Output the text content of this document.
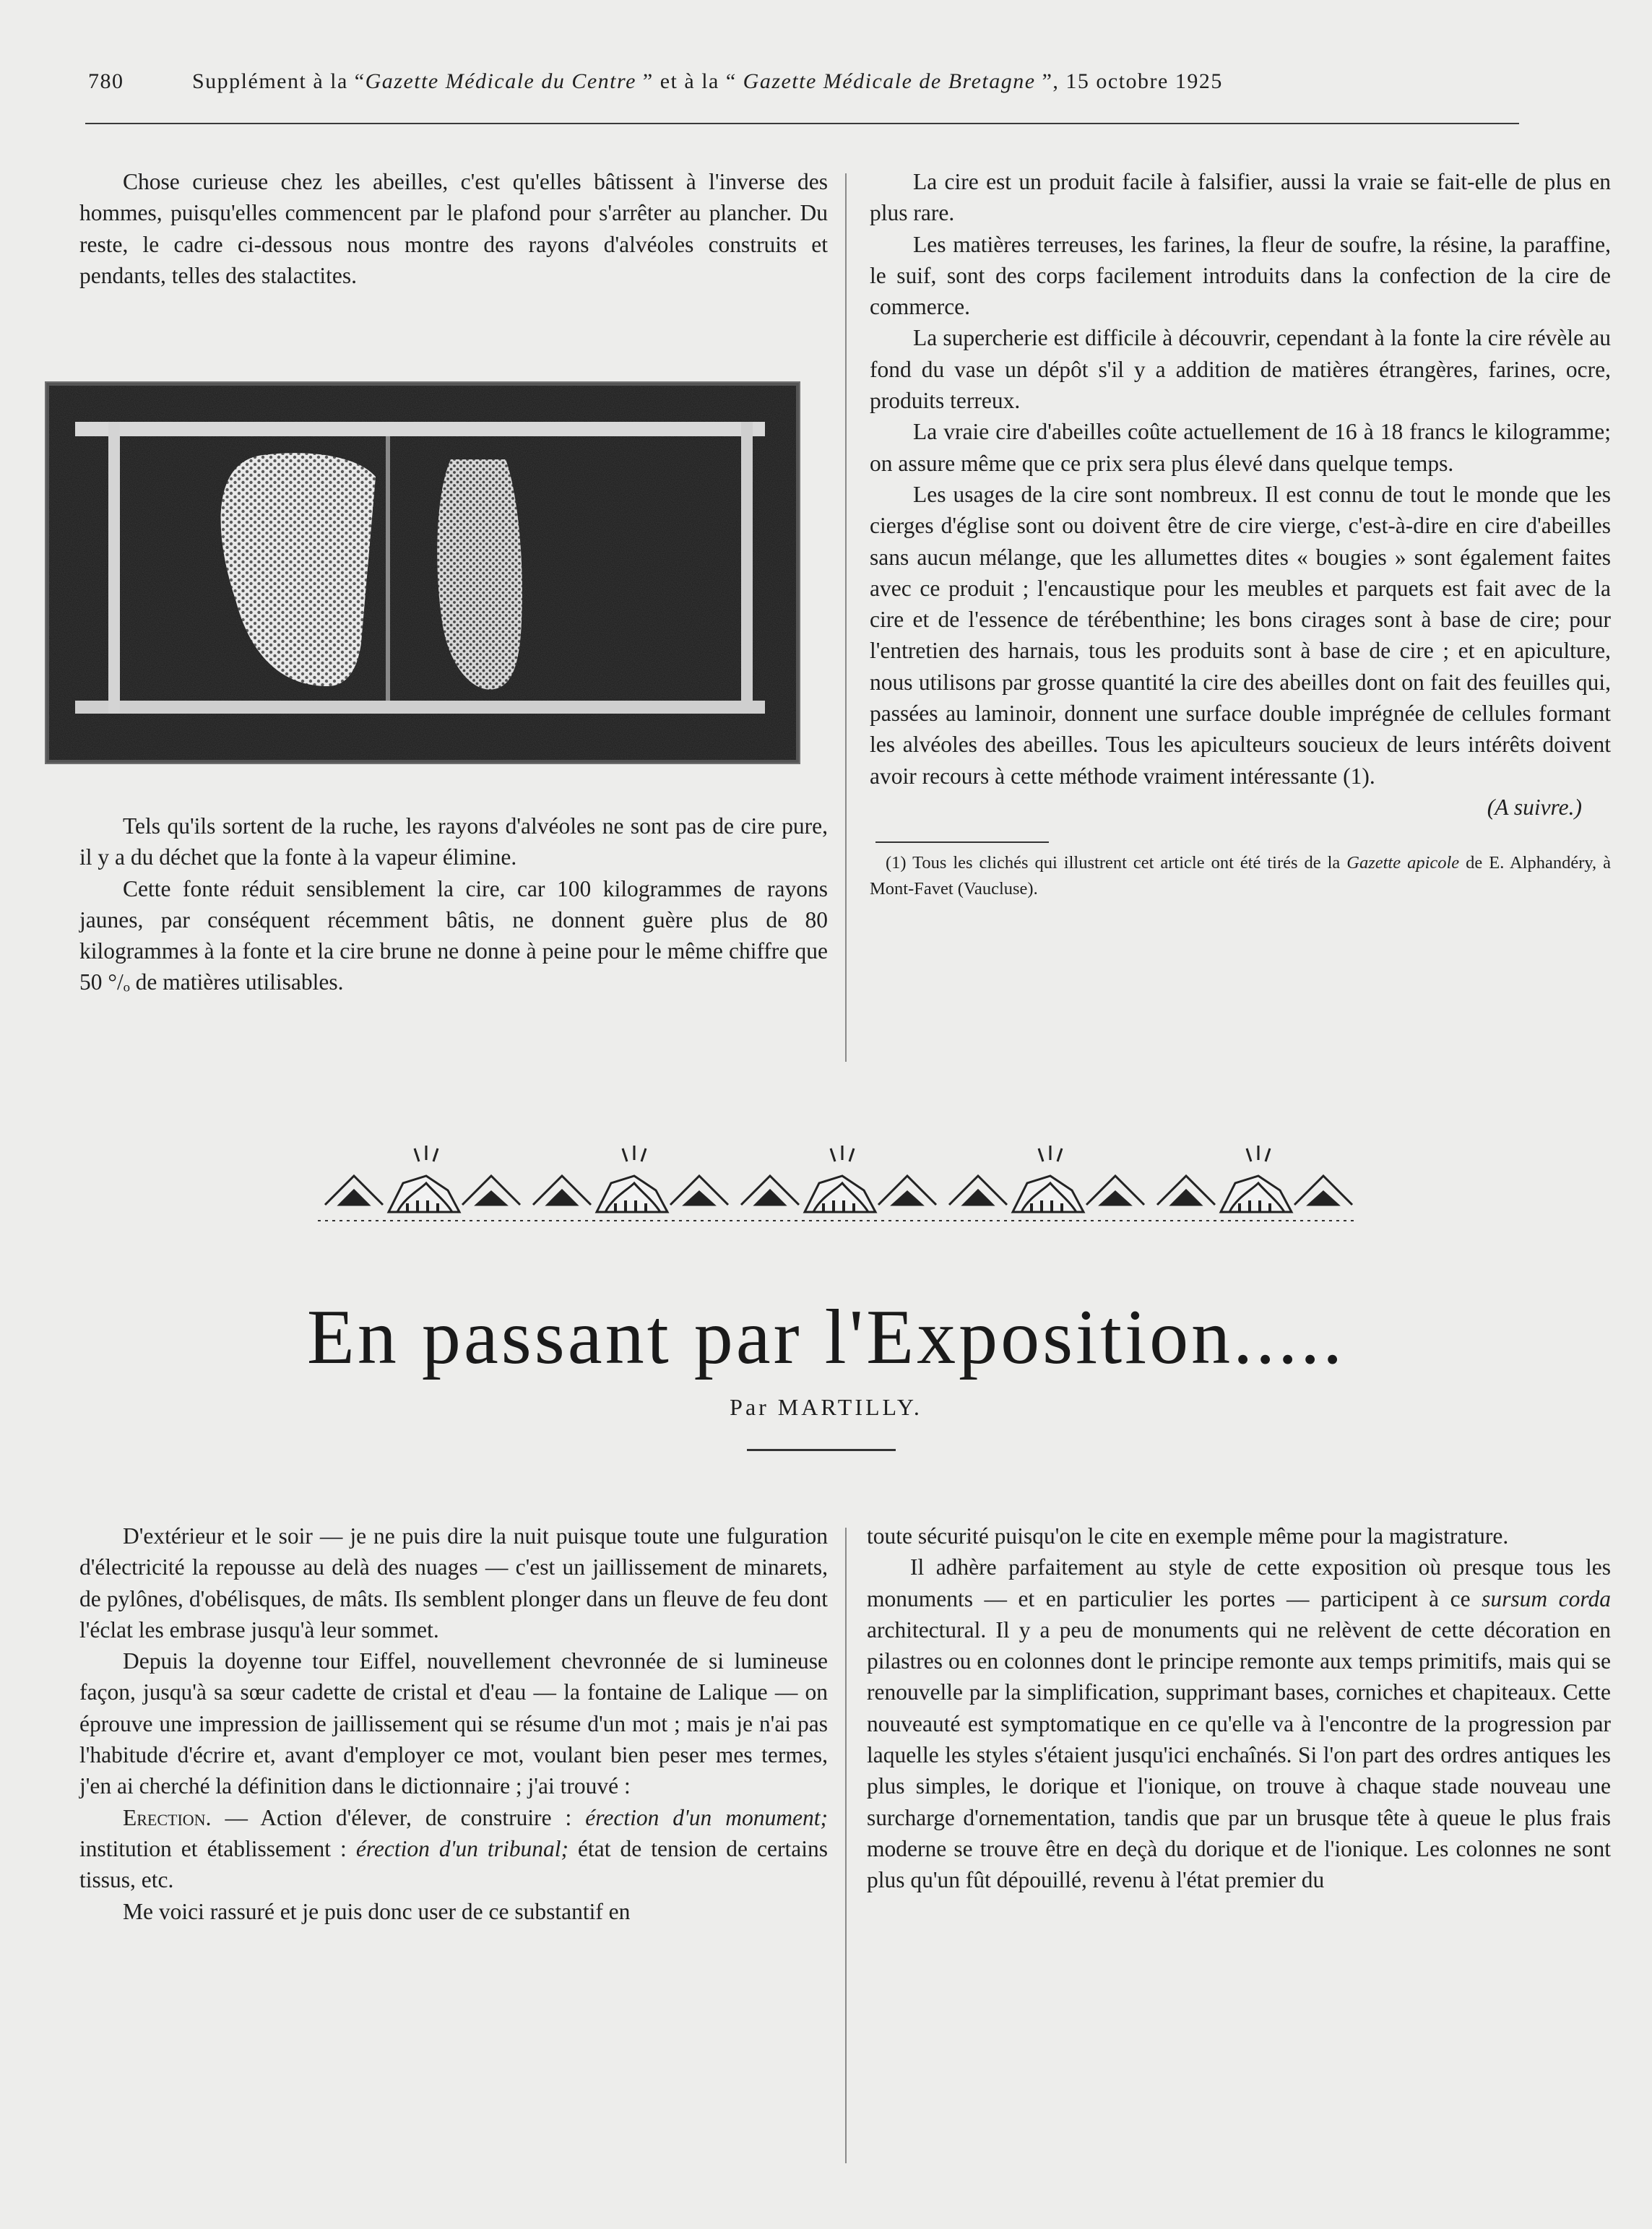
780	Supplément à la “Gazette Médicale du Centre ” et à la “ Gazette Médicale de Bretagne ”, 15 octobre 1925

Chose curieuse chez les abeilles, c'est qu'elles bâtissent à l'inverse des hommes, puisqu'elles commencent par le plafond pour s'arrêter au plancher. Du reste, le cadre ci-dessous nous montre des rayons d'alvéoles construits et pendants, telles des stalactites.

Tels qu'ils sortent de la ruche, les rayons d'alvéoles ne sont pas de cire pure, il y a du déchet que la fonte à la vapeur élimine.

Cette fonte réduit sensiblement la cire, car 100 kilogrammes de rayons jaunes, par conséquent récemment bâtis, ne donnent guère plus de 80 kilogrammes à la fonte et la cire brune ne donne à peine pour le même chiffre que 50 °/ₒ de matières utilisables.

La cire est un produit facile à falsifier, aussi la vraie se fait-elle de plus en plus rare.

Les matières terreuses, les farines, la fleur de soufre, la résine, la paraffine, le suif, sont des corps facilement introduits dans la confection de la cire de commerce.

La supercherie est difficile à découvrir, cependant à la fonte la cire révèle au fond du vase un dépôt s'il y a addition de matières étrangères, farines, ocre, produits terreux.

La vraie cire d'abeilles coûte actuellement de 16 à 18 francs le kilogramme; on assure même que ce prix sera plus élevé dans quelque temps.

Les usages de la cire sont nombreux. Il est connu de tout le monde que les cierges d'église sont ou doivent être de cire vierge, c'est-à-dire en cire d'abeilles sans aucun mélange, que les allumettes dites « bougies » sont également faites avec ce produit ; l'encaustique pour les meubles et parquets est fait avec de la cire et de l'essence de térébenthine; les bons cirages sont à base de cire; pour l'entretien des harnais, tous les produits sont à base de cire ; et en apiculture, nous utilisons par grosse quantité la cire des abeilles dont on fait des feuilles qui, passées au laminoir, donnent une surface double imprégnée de cellules formant les alvéoles des abeilles. Tous les apiculteurs soucieux de leurs intérêts doivent avoir recours à cette méthode vraiment intéressante (1).

(A suivre.)
(1) Tous les clichés qui illustrent cet article ont été tirés de la Gazette apicole de E. Alphandéry, à Mont-Favet (Vaucluse).
En passant par l'Exposition.....
Par MARTILLY.

D'extérieur et le soir — je ne puis dire la nuit puisque toute une fulguration d'électricité la repousse au delà des nuages — c'est un jaillissement de minarets, de pylônes, d'obélisques, de mâts. Ils semblent plonger dans un fleuve de feu dont l'éclat les embrase jusqu'à leur sommet.

Depuis la doyenne tour Eiffel, nouvellement chevronnée de si lumineuse façon, jusqu'à sa sœur cadette de cristal et d'eau — la fontaine de Lalique — on éprouve une impression de jaillissement qui se résume d'un mot ; mais je n'ai pas l'habitude d'écrire et, avant d'employer ce mot, voulant bien peser mes termes, j'en ai cherché la définition dans le dictionnaire ; j'ai trouvé :

Erection. — Action d'élever, de construire : érection d'un monument; institution et établissement : érection d'un tribunal; état de tension de certains tissus, etc.

Me voici rassuré et je puis donc user de ce substantif en

toute sécurité puisqu'on le cite en exemple même pour la magistrature.

Il adhère parfaitement au style de cette exposition où presque tous les monuments — et en particulier les portes — participent à ce sursum corda architectural. Il y a peu de monuments qui ne relèvent de cette décoration en pilastres ou en colonnes dont le principe remonte aux temps primitifs, mais qui se renouvelle par la simplification, supprimant bases, corniches et chapiteaux. Cette nouveauté est symptomatique en ce qu'elle va à l'encontre de la progression par laquelle les styles s'étaient jusqu'ici enchaînés. Si l'on part des ordres antiques les plus simples, le dorique et l'ionique, on trouve à chaque stade nouveau une surcharge d'ornementation, tandis que par un brusque tête à queue le plus frais moderne se trouve être en deçà du dorique et de l'ionique. Les colonnes ne sont plus qu'un fût dépouillé, revenu à l'état premier du
